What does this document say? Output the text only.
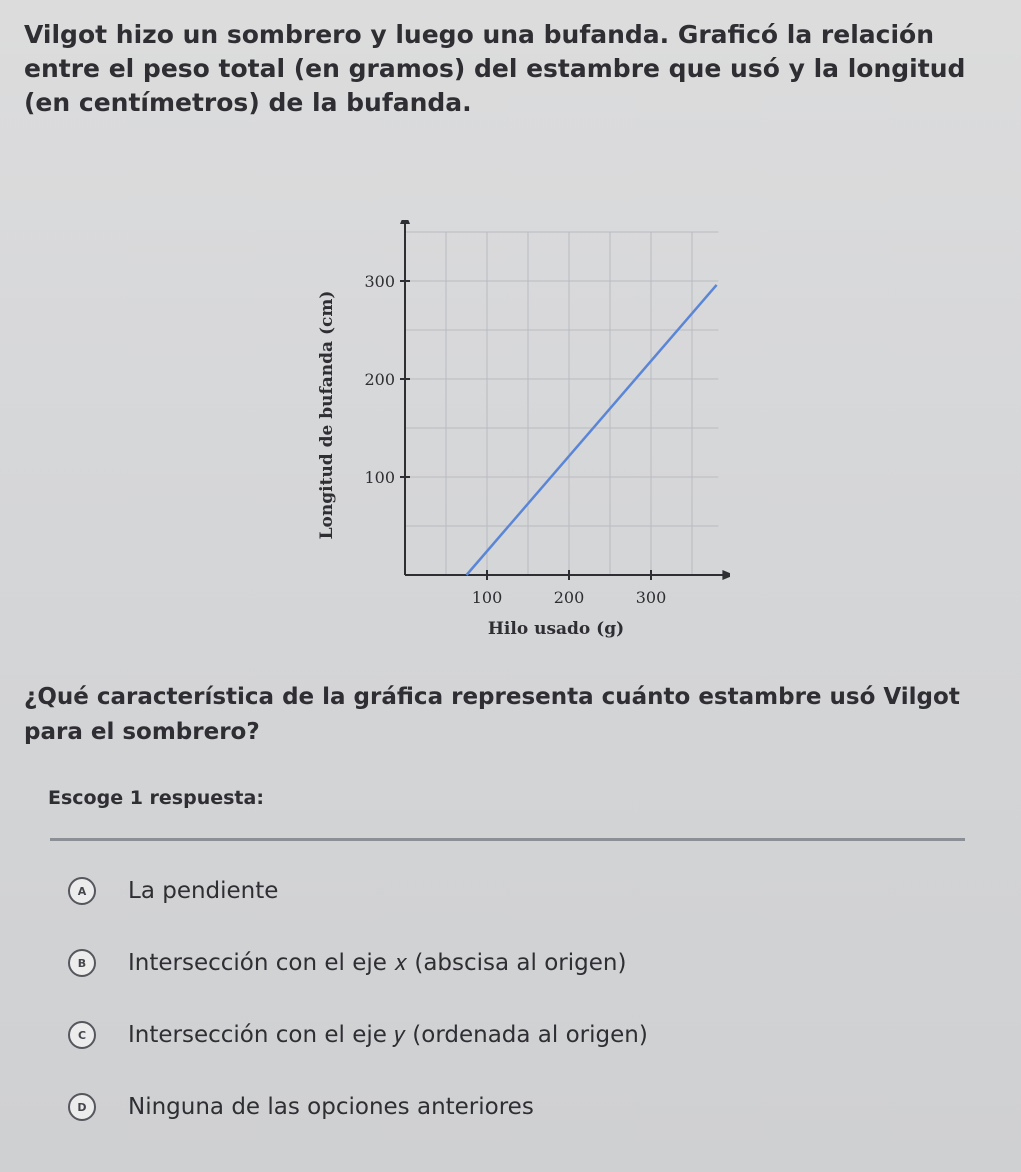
Vilgot hizo un sombrero y luego una bufanda. Graficó la relación entre el peso total (en gramos) del estambre que usó y la longitud (en centímetros) de la bufanda.

100	200	300
100
200
300
Hilo usado (g)
Longitud de bufanda (cm)

¿Qué característica de la gráfica representa cuánto estambre usó Vilgot para el sombrero?

Escoge 1 respuesta:
A	La pendiente
B	Intersección con el eje 𝑥 (abscisa al origen)
C	Intersección con el eje 𝑦 (ordenada al origen)
D	Ninguna de las opciones anteriores
